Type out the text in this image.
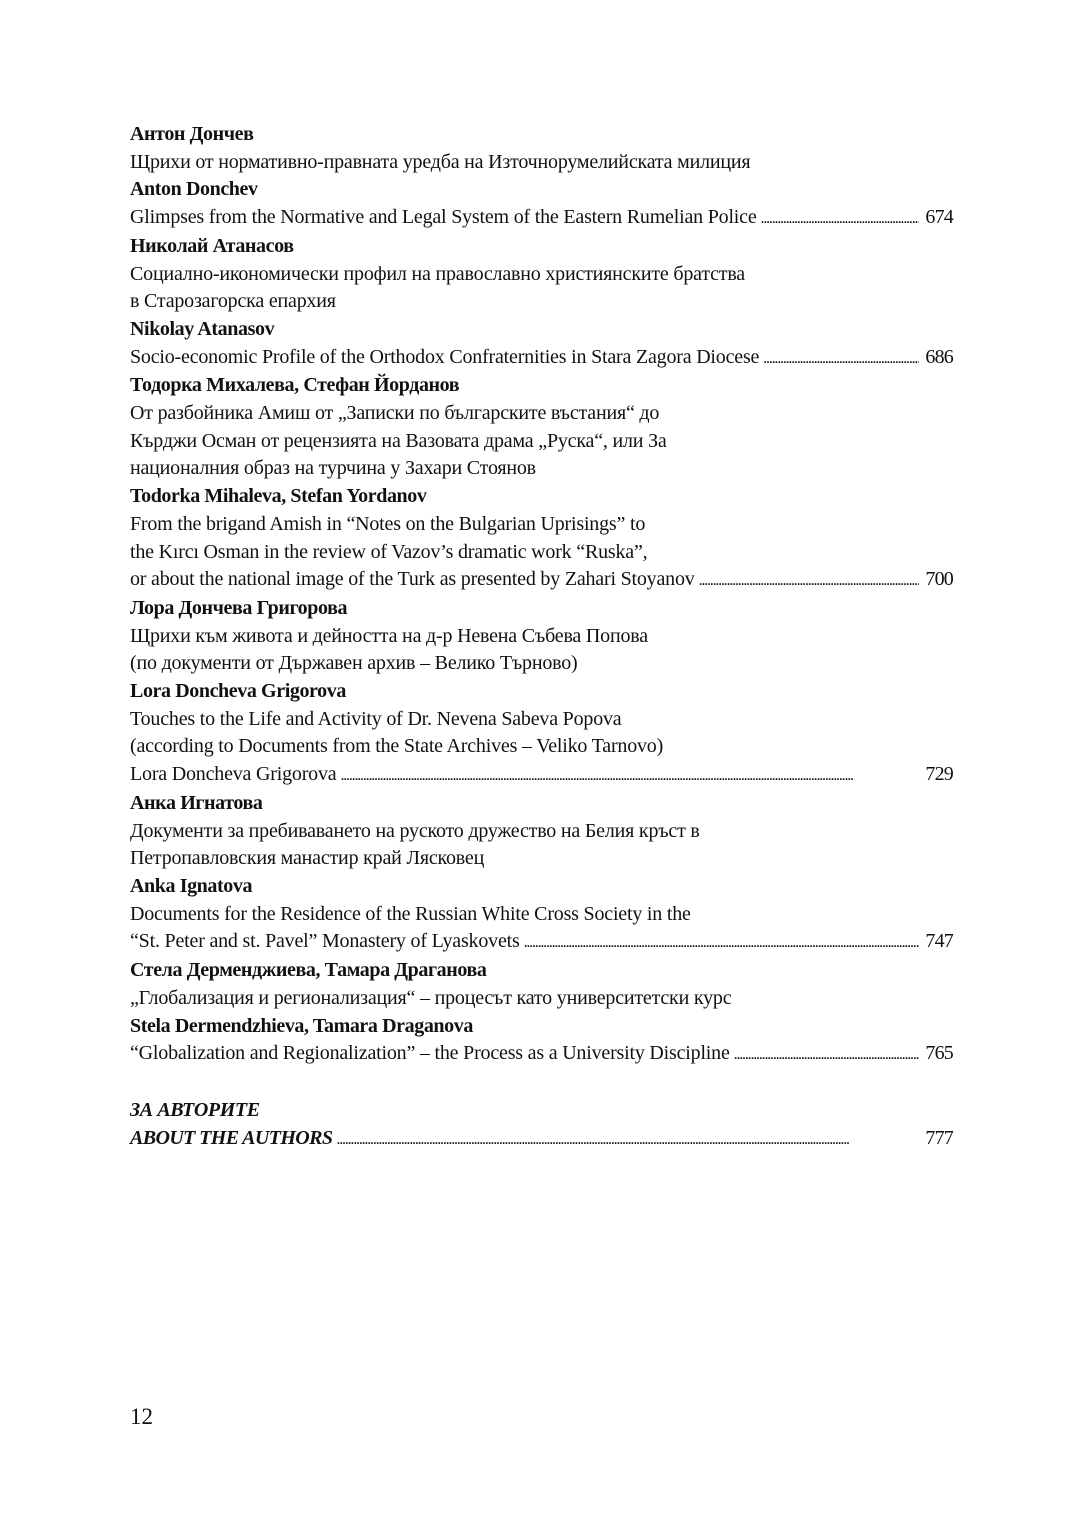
Антон Дончев
Щрихи от нормативно-правната уредба на Източнорумелийската милиция
Anton Donchev
Glimpses from the Normative and Legal System of the Eastern Rumelian Police . . .	674
Николай Атанасов
Социално-икономически профил на православно християнските братства
в Старозагорска епархия
Nikolay Atanasov
Socio-economic Profile of the Orthodox Confraternities in Stara Zagora Diocese . . .	686
Тодорка Михалева, Стефан Йорданов
От разбойника Амиш от „Записки по българските въстания“ до
Кърджи Осман от рецензията на Вазовата драма „Руска“, или За
националния образ на турчина у Захари Стоянов
Todorka Mihaleva, Stefan Yordanov
From the brigand Amish in “Notes on the Bulgarian Uprisings” to
the Kırcı Osman in the review of Vazov’s dramatic work “Ruska”,
or about the national image of the Turk as presented by Zahari Stoyanov . . .	700
Лора Дончева Григорова
Щрихи към живота и дейността на д-р Невена Събева Попова
(по документи от Държавен архив – Велико Търново)
Lora Doncheva Grigorova
Touches to the Life and Activity of Dr. Nevena Sabeva Popova
(according to Documents from the State Archives – Veliko Tarnovo)
Lora Doncheva Grigorova . . .	729
Анка Игнатова
Документи за пребиваването на руското дружество на Белия кръст в
Петропавловския манастир край Лясковец
Anka Ignatova
Documents for the Residence of the Russian White Cross Society in the
“St. Peter and st. Pavel” Monastery of Lyaskovets . . .	747
Стела Дерменджиева, Тамара Драганова
„Глобализация и регионализация“ – процесът като университетски курс
Stela Dermendzhieva, Tamara Draganova
“Globalization and Regionalization” – the Process as a University Discipline . . .	765
ЗА АВТОРИТЕ
ABOUT THE AUTHORS . . .	777
12
